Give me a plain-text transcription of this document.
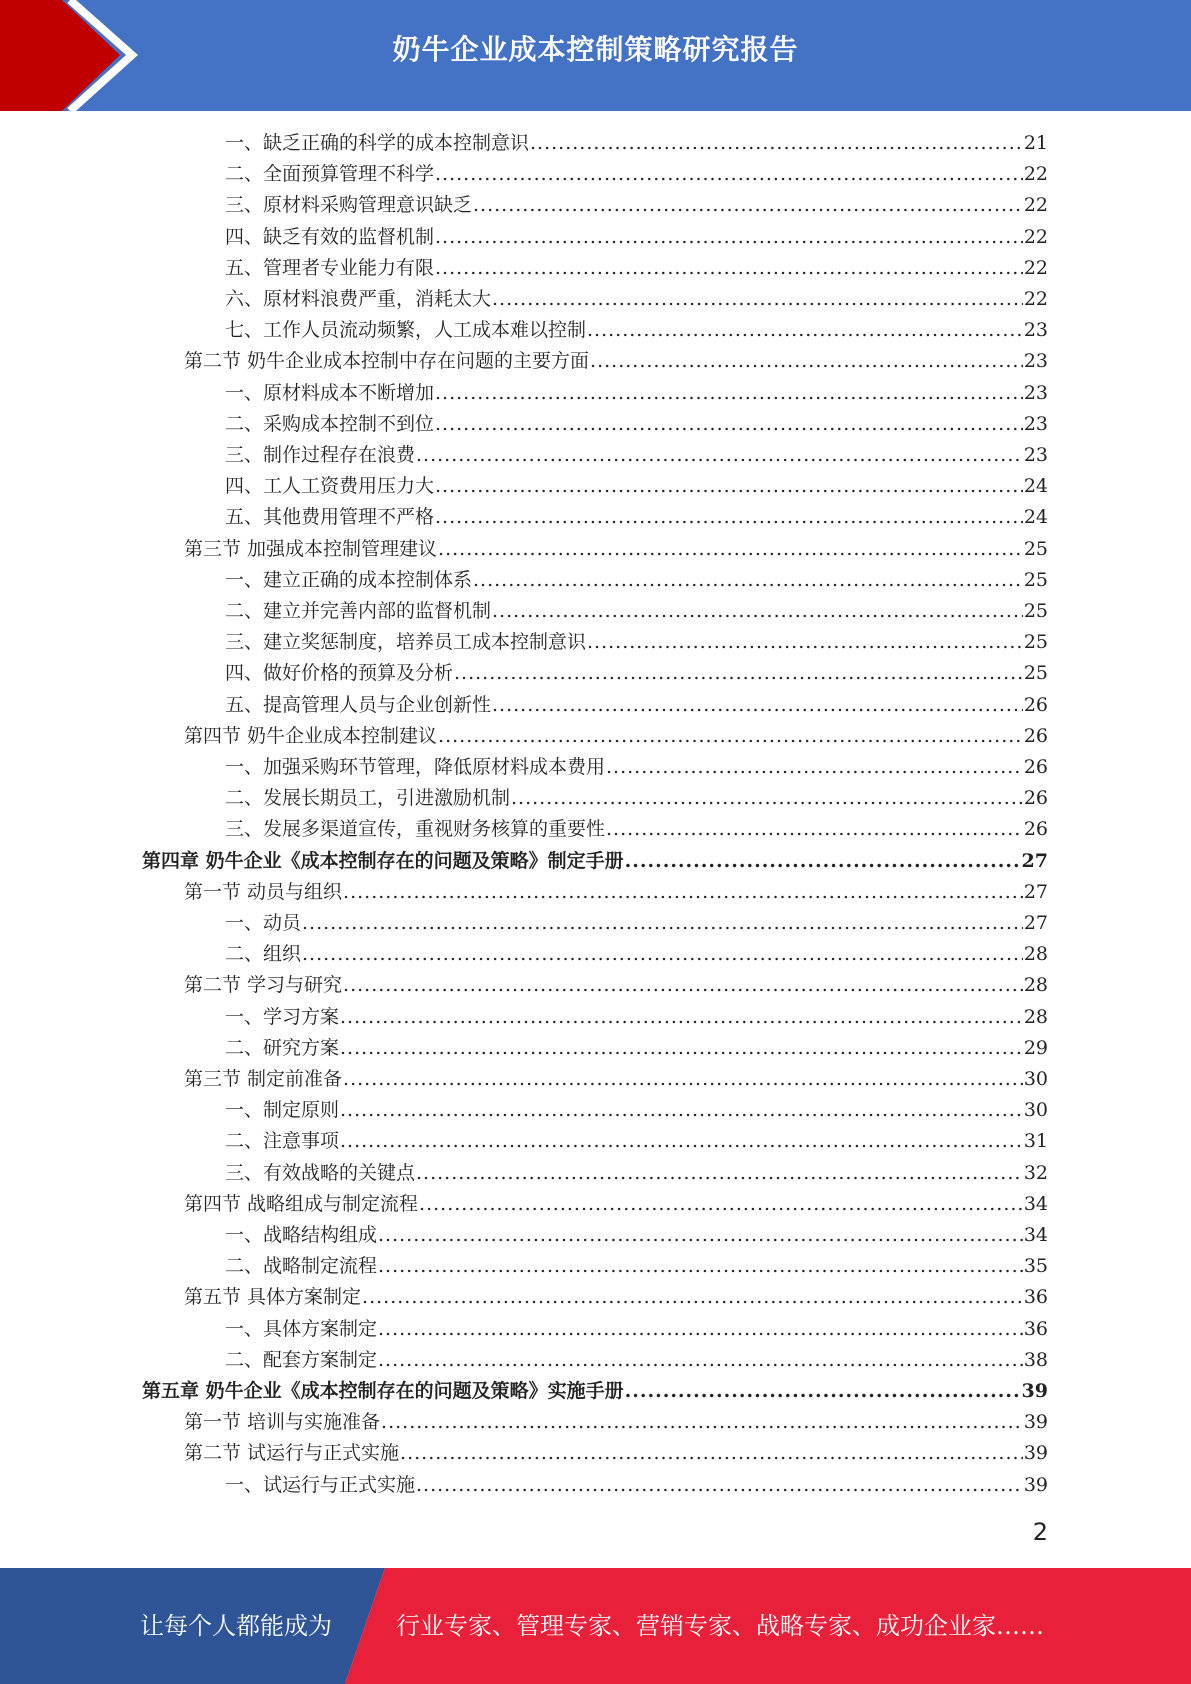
奶牛企业成本控制策略研究报告
一、缺乏正确的科学的成本控制意识 .....	21
二、全面预算管理不科学 .....	22
三、原材料采购管理意识缺乏 .....	22
四、缺乏有效的监督机制 .....	22
五、管理者专业能力有限 .....	22
六、原材料浪费严重，消耗太大 .....	22
七、工作人员流动频繁，人工成本难以控制 .....	23
第二节 奶牛企业成本控制中存在问题的主要方面 .....	23
一、原材料成本不断增加 .....	23
二、采购成本控制不到位 .....	23
三、制作过程存在浪费 .....	23
四、工人工资费用压力大 .....	24
五、其他费用管理不严格 .....	24
第三节 加强成本控制管理建议 .....	25
一、建立正确的成本控制体系 .....	25
二、建立并完善内部的监督机制 .....	25
三、建立奖惩制度，培养员工成本控制意识 .....	25
四、做好价格的预算及分析 .....	25
五、提高管理人员与企业创新性 .....	26
第四节 奶牛企业成本控制建议 .....	26
一、加强采购环节管理，降低原材料成本费用 .....	26
二、发展长期员工，引进激励机制 .....	26
三、发展多渠道宣传，重视财务核算的重要性 .....	26
第四章 奶牛企业《成本控制存在的问题及策略》制定手册 .....	27
第一节 动员与组织 .....	27
一、动员 .....	27
二、组织 .....	28
第二节 学习与研究 .....	28
一、学习方案 .....	28
二、研究方案 .....	29
第三节 制定前准备 .....	30
一、制定原则 .....	30
二、注意事项 .....	31
三、有效战略的关键点 .....	32
第四节 战略组成与制定流程 .....	34
一、战略结构组成 .....	34
二、战略制定流程 .....	35
第五节 具体方案制定 .....	36
一、具体方案制定 .....	36
二、配套方案制定 .....	38
第五章 奶牛企业《成本控制存在的问题及策略》实施手册 .....	39
第一节 培训与实施准备 .....	39
第二节 试运行与正式实施 .....	39
一、试运行与正式实施 .....	39
2
让每个人都能成为	行业专家、管理专家、营销专家、战略专家、成功企业家……
